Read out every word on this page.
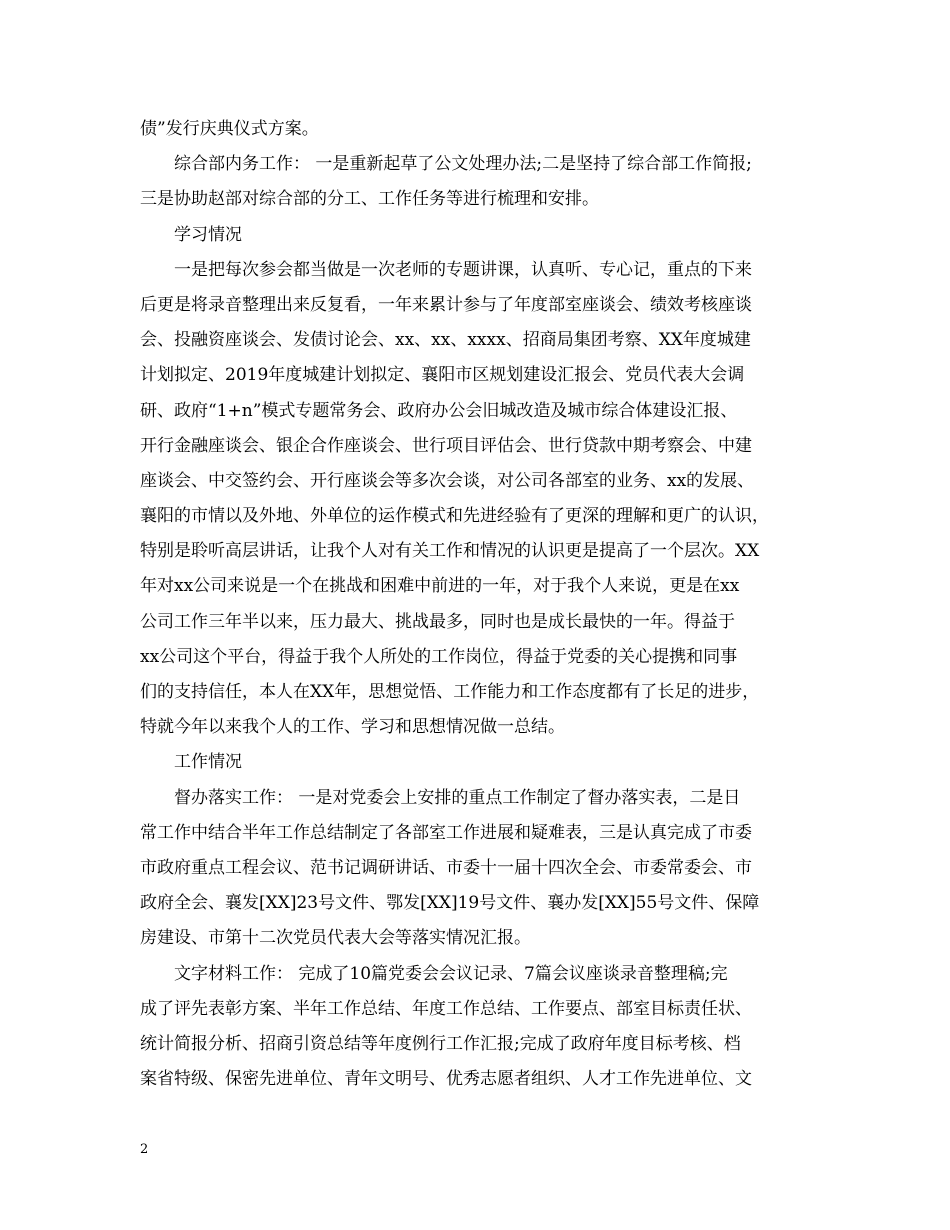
债”发行庆典仪式方案。
综合部内务工作： 一是重新起草了公文处理办法;二是坚持了综合部工作简报;
三是协助赵部对综合部的分工、工作任务等进行梳理和安排。
学习情况
一是把每次参会都当做是一次老师的专题讲课，认真听、专心记，重点的下来
后更是将录音整理出来反复看，一年来累计参与了年度部室座谈会、绩效考核座谈
会、投融资座谈会、发债讨论会、xx、xx、xxxx、招商局集团考察、XX年度城建
计划拟定、2019年度城建计划拟定、襄阳市区规划建设汇报会、党员代表大会调
研、政府“1+n”模式专题常务会、政府办公会旧城改造及城市综合体建设汇报、
开行金融座谈会、银企合作座谈会、世行项目评估会、世行贷款中期考察会、中建
座谈会、中交签约会、开行座谈会等多次会谈，对公司各部室的业务、xx的发展、
襄阳的市情以及外地、外单位的运作模式和先进经验有了更深的理解和更广的认识，
特别是聆听高层讲话，让我个人对有关工作和情况的认识更是提高了一个层次。XX
年对xx公司来说是一个在挑战和困难中前进的一年，对于我个人来说，更是在xx
公司工作三年半以来，压力最大、挑战最多，同时也是成长最快的一年。得益于
xx公司这个平台，得益于我个人所处的工作岗位，得益于党委的关心提携和同事
们的支持信任，本人在XX年，思想觉悟、工作能力和工作态度都有了长足的进步，
特就今年以来我个人的工作、学习和思想情况做一总结。
工作情况
督办落实工作： 一是对党委会上安排的重点工作制定了督办落实表，二是日
常工作中结合半年工作总结制定了各部室工作进展和疑难表，三是认真完成了市委
市政府重点工程会议、范书记调研讲话、市委十一届十四次全会、市委常委会、市
政府全会、襄发[XX]23号文件、鄂发[XX]19号文件、襄办发[XX]55号文件、保障
房建设、市第十二次党员代表大会等落实情况汇报。
文字材料工作： 完成了10篇党委会会议记录、7篇会议座谈录音整理稿;完
成了评先表彰方案、半年工作总结、年度工作总结、工作要点、部室目标责任状、
统计简报分析、招商引资总结等年度例行工作汇报;完成了政府年度目标考核、档
案省特级、保密先进单位、青年文明号、优秀志愿者组织、人才工作先进单位、文
2
